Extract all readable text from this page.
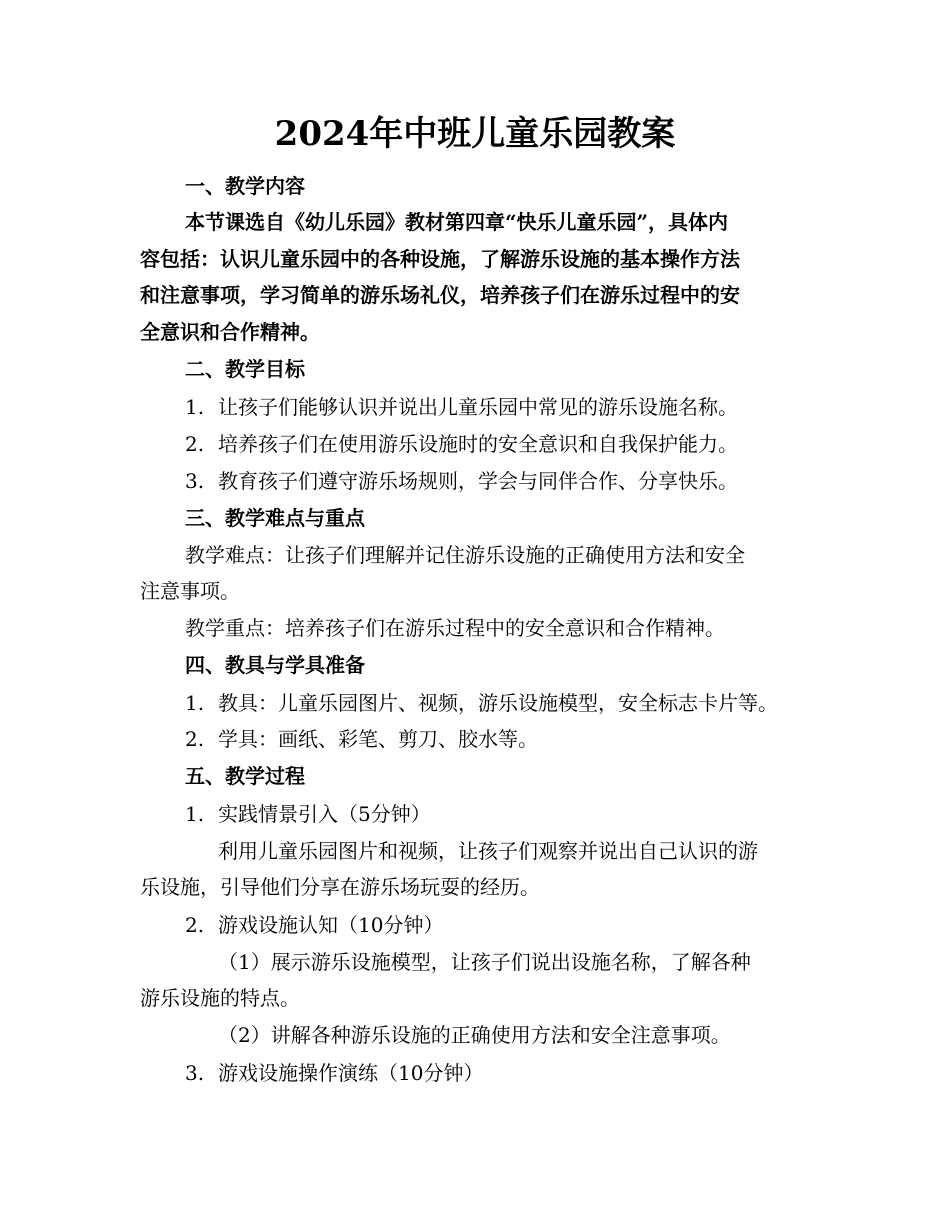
2024年中班儿童乐园教案
一、教学内容
本节课选自《幼儿乐园》教材第四章“快乐儿童乐园”，具体内
容包括：认识儿童乐园中的各种设施，了解游乐设施的基本操作方法
和注意事项，学习简单的游乐场礼仪，培养孩子们在游乐过程中的安
全意识和合作精神。
二、教学目标
1. 让孩子们能够认识并说出儿童乐园中常见的游乐设施名称。
2. 培养孩子们在使用游乐设施时的安全意识和自我保护能力。
3. 教育孩子们遵守游乐场规则，学会与同伴合作、分享快乐。
三、教学难点与重点
教学难点：让孩子们理解并记住游乐设施的正确使用方法和安全
注意事项。
教学重点：培养孩子们在游乐过程中的安全意识和合作精神。
四、教具与学具准备
1. 教具：儿童乐园图片、视频，游乐设施模型，安全标志卡片等。
2. 学具：画纸、彩笔、剪刀、胶水等。
五、教学过程
1. 实践情景引入（5分钟）
利用儿童乐园图片和视频，让孩子们观察并说出自己认识的游
乐设施，引导他们分享在游乐场玩耍的经历。
2. 游戏设施认知（10分钟）
（1）展示游乐设施模型，让孩子们说出设施名称，了解各种
游乐设施的特点。
（2）讲解各种游乐设施的正确使用方法和安全注意事项。
3. 游戏设施操作演练（10分钟）
